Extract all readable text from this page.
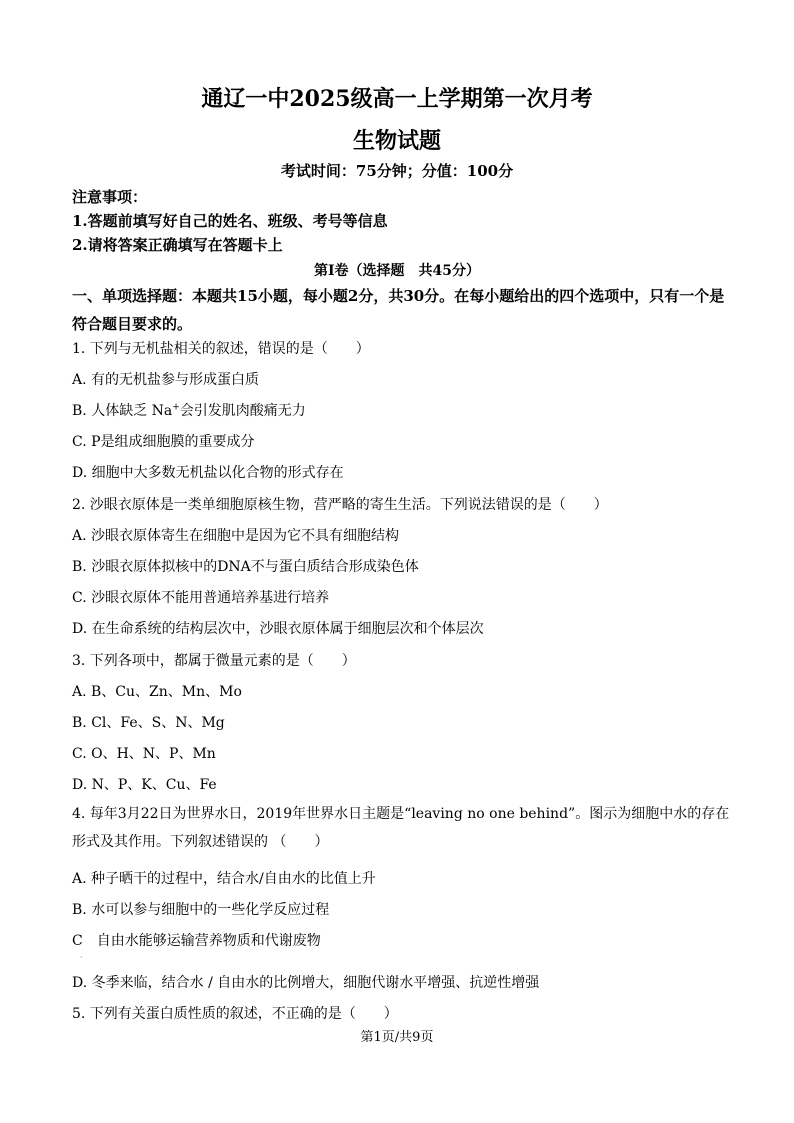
通辽一中2025级高一上学期第一次月考
生物试题
考试时间：75分钟；分值：100分
注意事项：
1.答题前填写好自己的姓名、班级、考号等信息
2.请将答案正确填写在答题卡上
第Ⅰ卷（选择题　共45分）
一、单项选择题：本题共15小题，每小题2分，共30分。在每小题给出的四个选项中，只有一个是符合题目要求的。
1. 下列与无机盐相关的叙述，错误的是（　　）
A. 有的无机盐参与形成蛋白质
B. 人体缺乏 Na+会引发肌肉酸痛无力
C. P是组成细胞膜的重要成分
D. 细胞中大多数无机盐以化合物的形式存在
2. 沙眼衣原体是一类单细胞原核生物，营严略的寄生生活。下列说法错误的是（　　）
A. 沙眼衣原体寄生在细胞中是因为它不具有细胞结构
B. 沙眼衣原体拟核中的DNA不与蛋白质结合形成染色体
C. 沙眼衣原体不能用普通培养基进行培养
D. 在生命系统的结构层次中，沙眼衣原体属于细胞层次和个体层次
3. 下列各项中，都属于微量元素的是（　　）
A. B、Cu、Zn、Mn、Mo
B. Cl、Fe、S、N、Mg
C. O、H、N、P、Mn
D. N、P、K、Cu、Fe
4. 每年3月22日为世界水日，2019年世界水日主题是“leaving no one behind”。图示为细胞中水的存在形式及其作用。下列叙述错误的 （　　）
A. 种子晒干的过程中，结合水/自由水的比值上升
B. 水可以参与细胞中的一些化学反应过程
C　自由水能够运输营养物质和代谢废物
·
D. 冬季来临，结合水 / 自由水的比例增大，细胞代谢水平增强、抗逆性增强
5. 下列有关蛋白质性质的叙述，不正确的是（　　）
第1页/共9页
